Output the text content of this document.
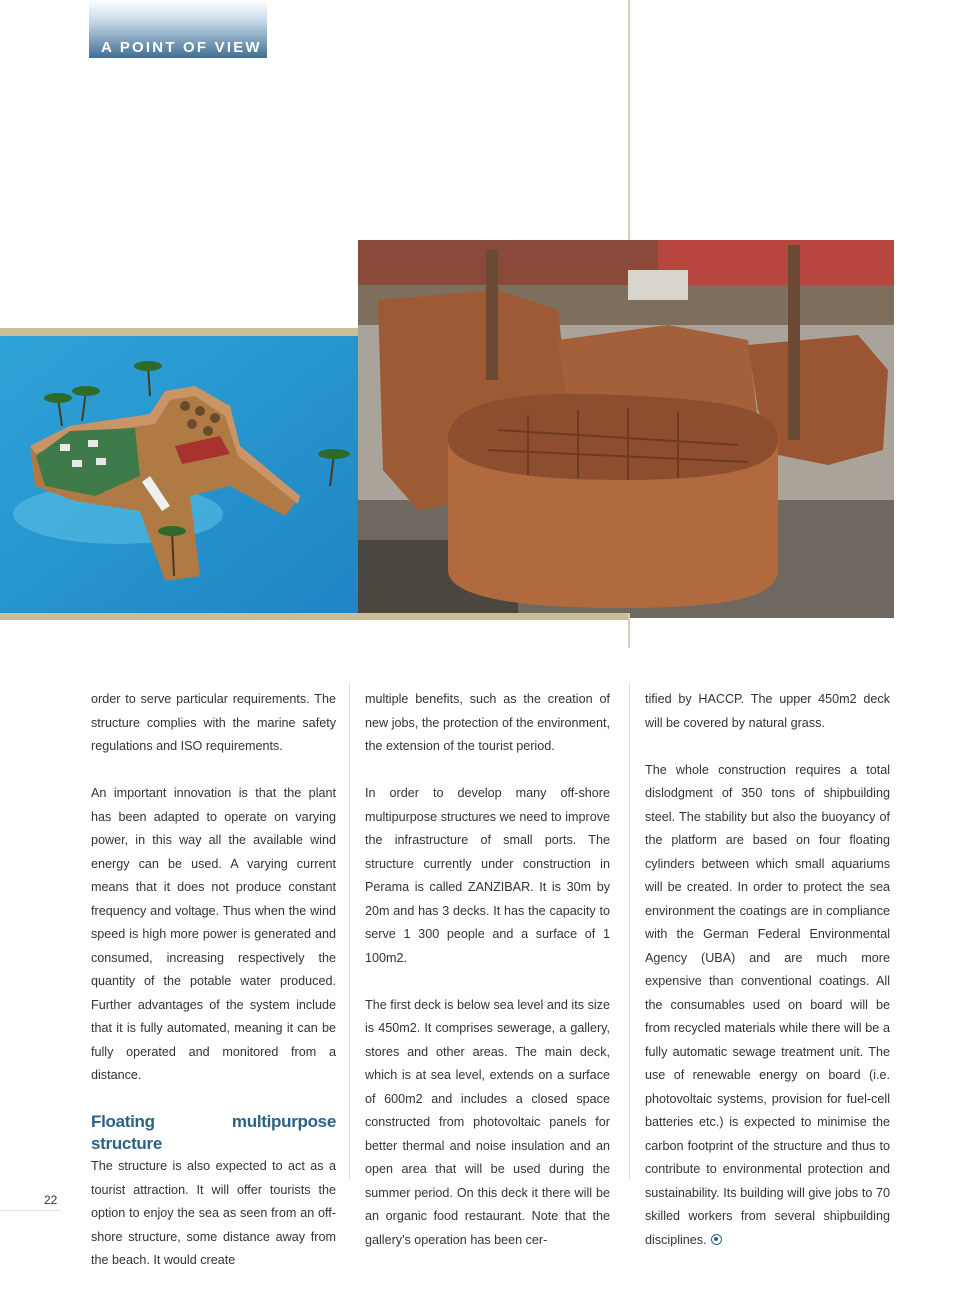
A POINT OF VIEW

order to serve particular requirements. The structure complies with the marine safety regulations and ISO requirements.

An important innovation is that the plant has been adapted to operate on varying power, in this way all the available wind energy can be used. A varying current means that it does not produce constant frequency and voltage. Thus when the wind speed is high more power is generated and consumed, increasing respectively the quantity of the potable water produced. Further advantages of the system include that it is fully automated, meaning it can be fully operated and monitored from a distance.

Floating multipurpose structure

The structure is also expected to act as a tourist attraction. It will offer tourists the option to enjoy the sea as seen from an off-shore structure, some distance away from the beach. It would create

multiple benefits, such as the creation of new jobs, the protection of the environment, the extension of the tourist period.

In order to develop many off-shore multipurpose structures we need to improve the infrastructure of small ports. The structure currently under construction in Perama is called ZANZIBAR. It is 30m by 20m and has 3 decks. It has the capacity to serve 1 300 people and a surface of 1 100m2.

The first deck is below sea level and its size is 450m2. It comprises sewerage, a gallery, stores and other areas. The main deck, which is at sea level, extends on a surface of 600m2 and includes a closed space constructed from photovoltaic panels for better thermal and noise insulation and an open area that will be used during the summer period. On this deck it there will be an organic food restaurant. Note that the gallery's operation has been cer-

tified by HACCP. The upper 450m2 deck will be covered by natural grass.

The whole construction requires a total dislodgment of 350 tons of shipbuilding steel. The stability but also the buoyancy of the platform are based on four floating cylinders between which small aquariums will be created. In order to protect the sea environment the coatings are in compliance with the German Federal Environmental Agency (UBA) and are much more expensive than conventional coatings. All the consumables used on board will be from recycled materials while there will be a fully automatic sewage treatment unit. The use of renewable energy on board (i.e. photovoltaic systems, provision for fuel-cell batteries etc.) is expected to minimise the carbon footprint of the structure and thus to contribute to environmental protection and sustainability. Its building will give jobs to 70 skilled workers from several shipbuilding disciplines.

22
